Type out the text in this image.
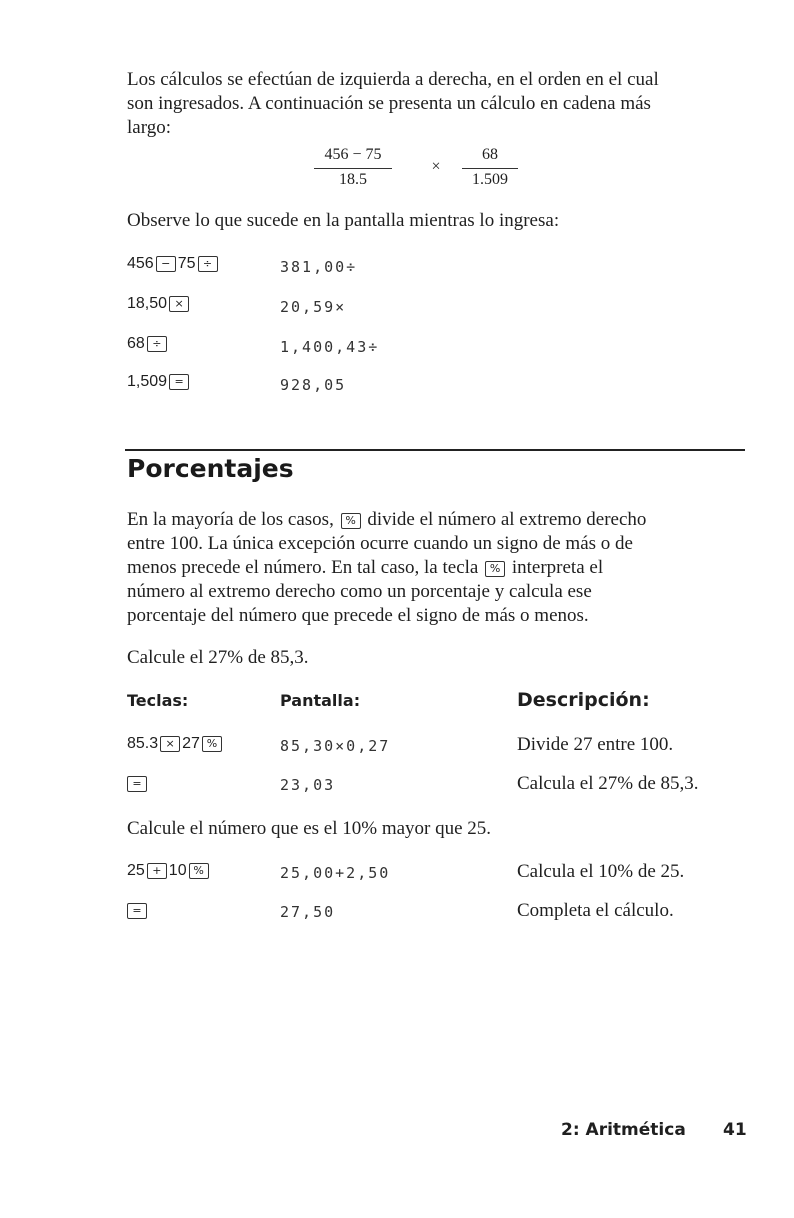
Los cálculos se efectúan de izquierda a derecha, en el orden en el cual
son ingresados. A continuación se presenta un cálculo en cadena más
largo:
456 − 75
18.5
×
68
1.509
Observe lo que sucede en la pantalla mientras lo ingresa:
456 − 75 ÷	381,00÷
18,50 ×	20,59×
68 ÷	1,400,43÷
1,509 =	928,05
Porcentajes
En la mayoría de los casos, % divide el número al extremo derecho
entre 100. La única excepción ocurre cuando un signo de más o de
menos precede el número. En tal caso, la tecla % interpreta el
número al extremo derecho como un porcentaje y calcula ese
porcentaje del número que precede el signo de más o menos.
Calcule el 27% de 85,3.
Teclas:	Pantalla:	Descripción:
85.3 × 27 %	85,30×0,27	Divide 27 entre 100.
=	23,03	Calcula el 27% de 85,3.
Calcule el número que es el 10% mayor que 25.
25 + 10 %	25,00+2,50	Calcula el 10% de 25.
=	27,50	Completa el cálculo.
2: Aritmética 41
